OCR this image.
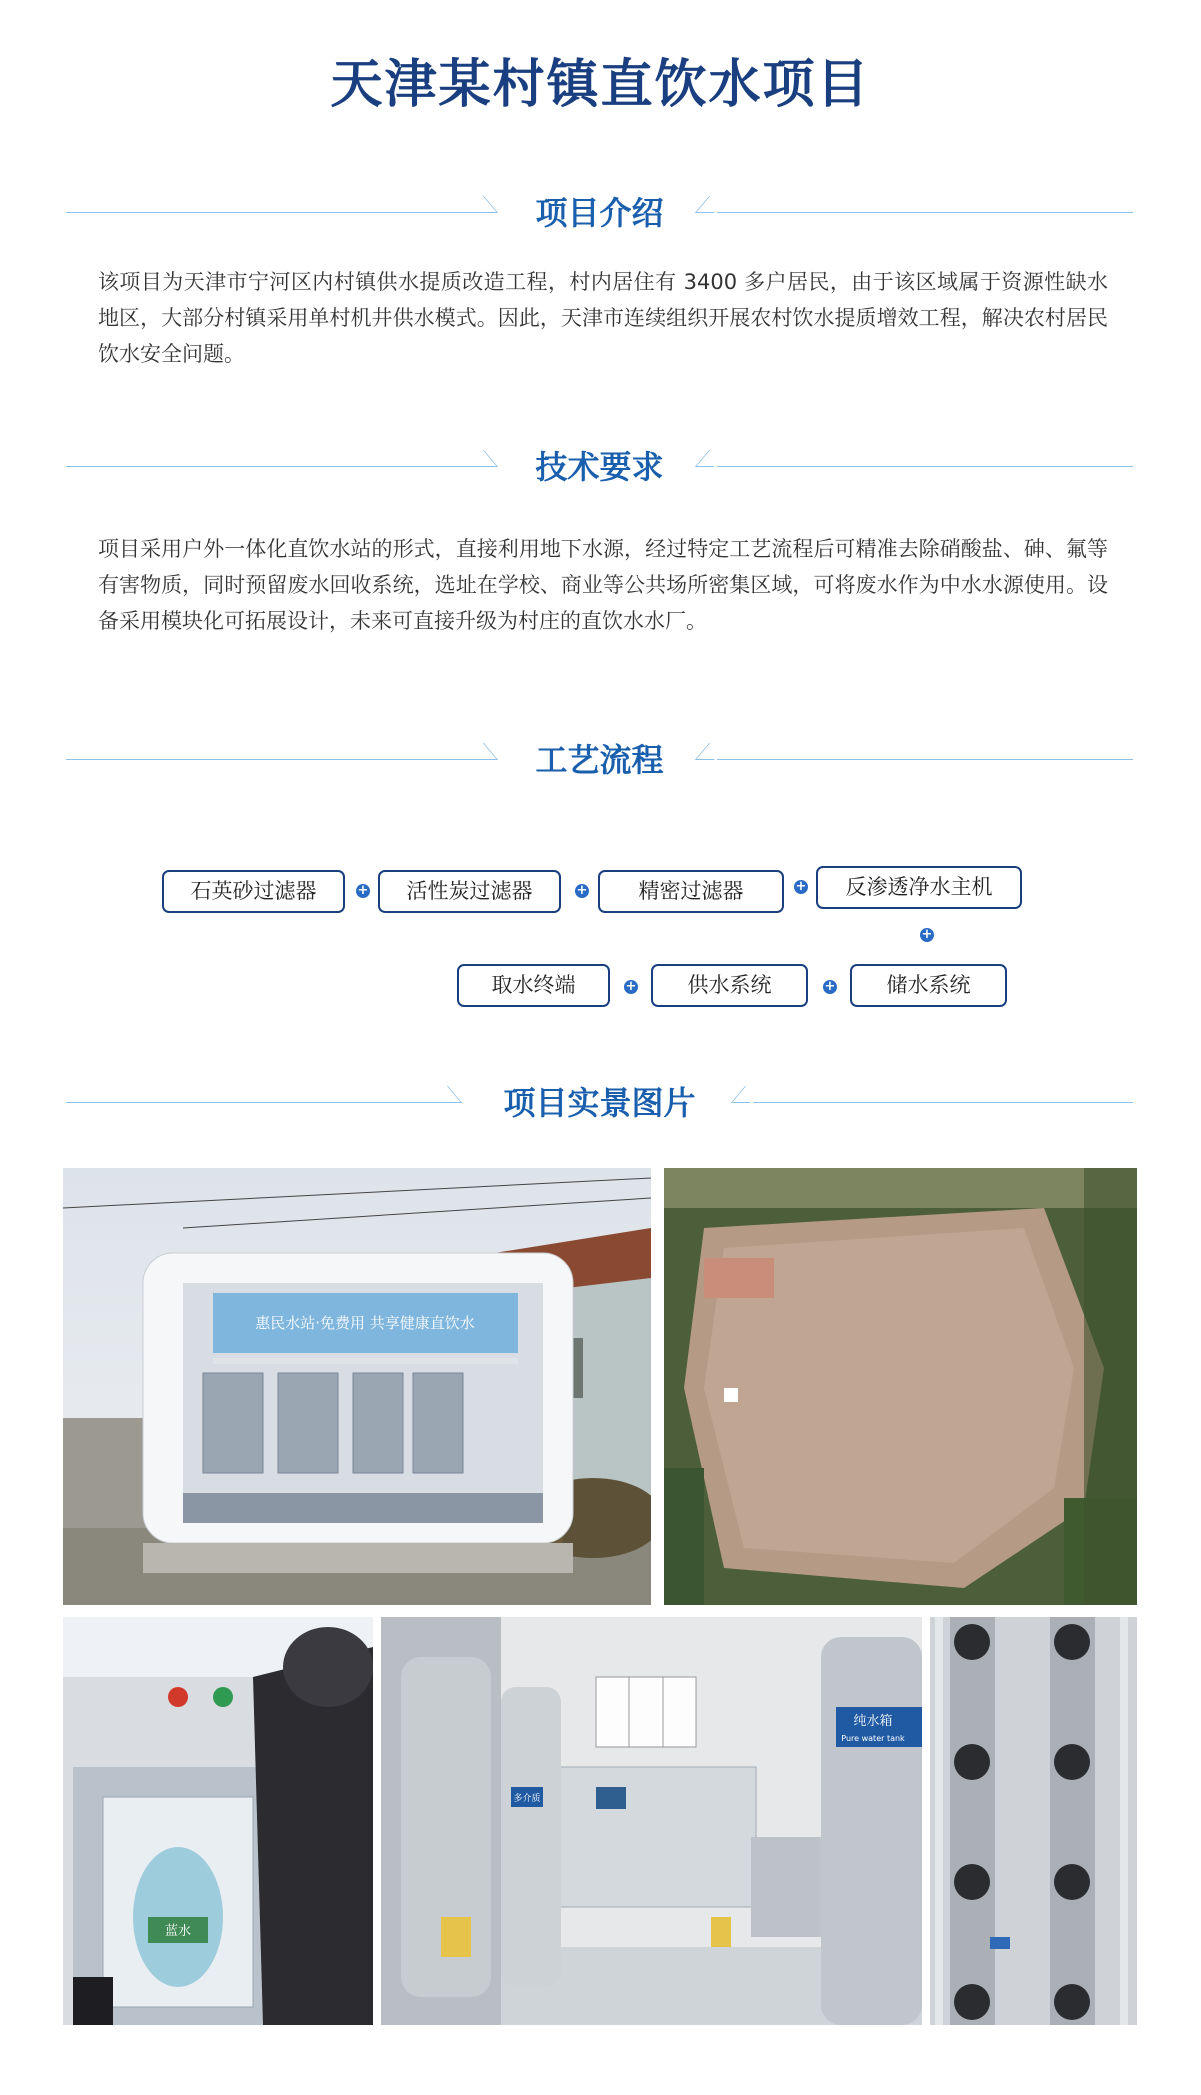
天津某村镇直饮水项目
项目介绍
该项目为天津市宁河区内村镇供水提质改造工程，村内居住有 3400 多户居民，由于该区域属于资源性缺水地区，大部分村镇采用单村机井供水模式。因此，天津市连续组织开展农村饮水提质增效工程，解决农村居民饮水安全问题。
技术要求
项目采用户外一体化直饮水站的形式，直接利用地下水源，经过特定工艺流程后可精准去除硝酸盐、砷、氟等有害物质，同时预留废水回收系统，选址在学校、商业等公共场所密集区域，可将废水作为中水水源使用。设备采用模块化可拓展设计，未来可直接升级为村庄的直饮水水厂。
工艺流程
石英砂过滤器	+	活性炭过滤器	+	精密过滤器	+	反渗透净水主机
+
储水系统
+
供水系统
+
取水终端
项目实景图片
惠民水站·免费用 共享健康直饮水
蓝水
多介质
纯水箱
Pure water tank
